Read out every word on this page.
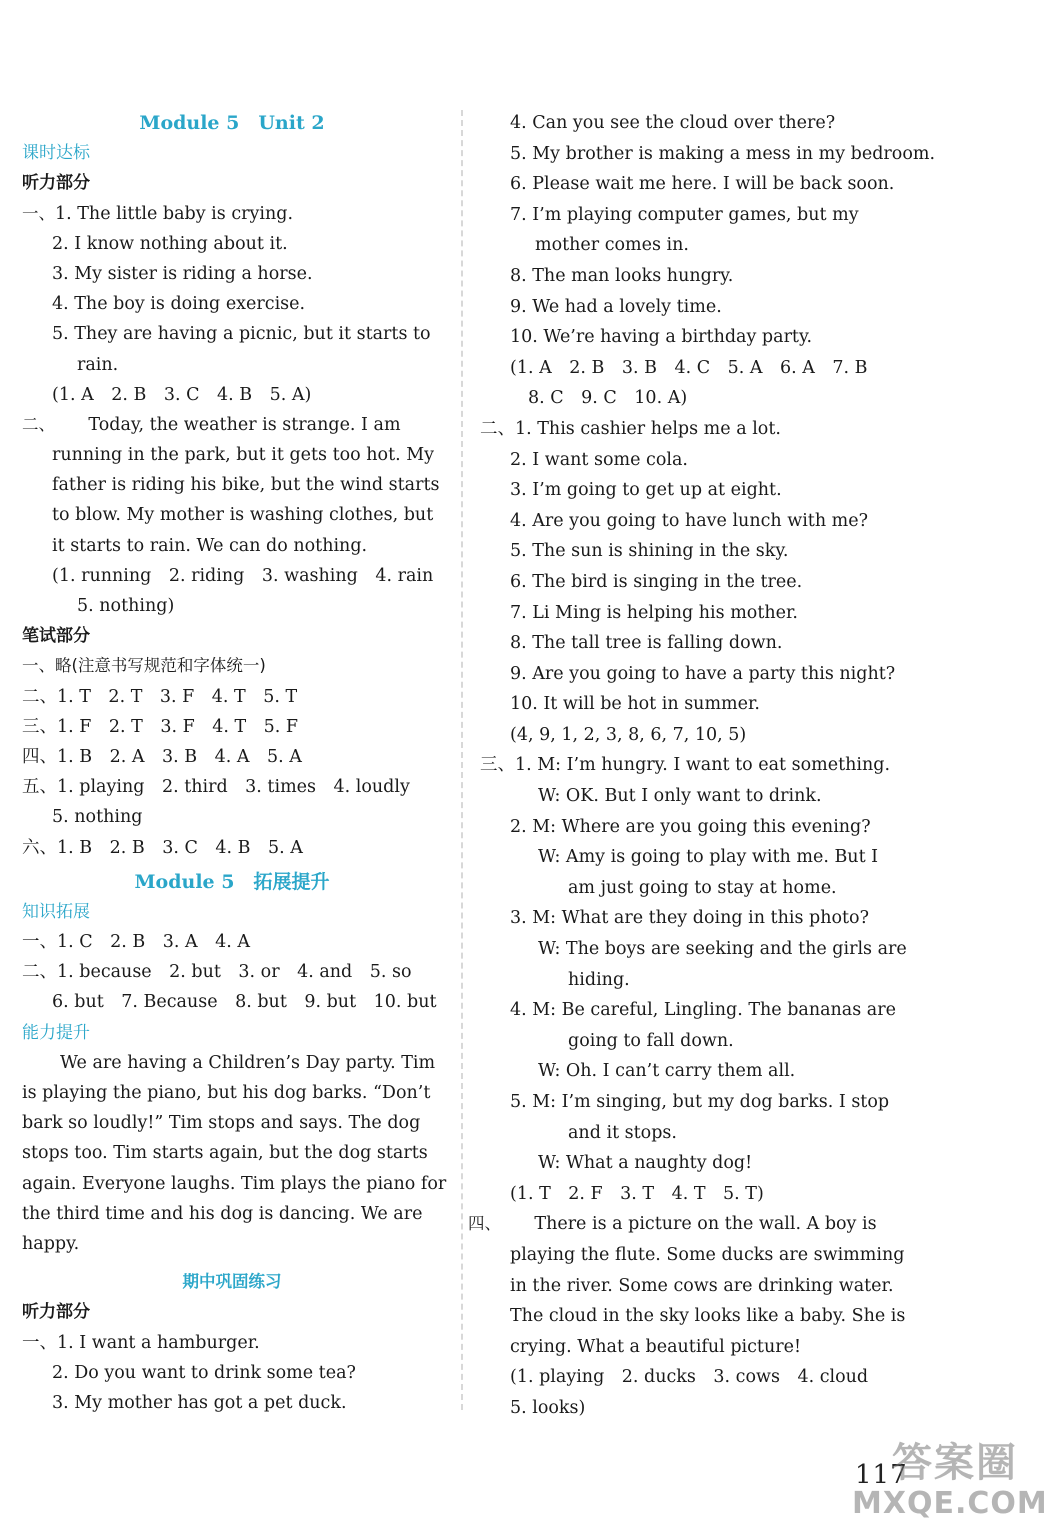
Module 5　Unit 2
课时达标
听力部分
一、1. The little baby is crying.
2. I know nothing about it.
3. My sister is riding a horse.
4. The boy is doing exercise.
5. They are having a picnic, but it starts to
rain.
(1. A　2. B　3. C　4. B　5. A)
二、 Today, the weather is strange. I am
running in the park, but it gets too hot. My
father is riding his bike, but the wind starts
to blow. My mother is washing clothes, but
it starts to rain. We can do nothing.
(1. running　2. riding　3. washing　4. rain
5. nothing)
笔试部分
一、略(注意书写规范和字体统一)
二、1. T　2. T　3. F　4. T　5. T
三、1. F　2. T　3. F　4. T　5. F
四、1. B　2. A　3. B　4. A　5. A
五、1. playing　2. third　3. times　4. loudly
5. nothing
六、1. B　2. B　3. C　4. B　5. A
Module 5　拓展提升
知识拓展
一、1. C　2. B　3. A　4. A
二、1. because　2. but　3. or　4. and　5. so
6. but　7. Because　8. but　9. but　10. but
能力提升
We are having a Children’s Day party. Tim
is playing the piano, but his dog barks. “Don’t
bark so loudly!” Tim stops and says. The dog
stops too. Tim starts again, but the dog starts
again. Everyone laughs. Tim plays the piano for
the third time and his dog is dancing. We are
happy.
期中巩固练习
听力部分
一、1. I want a hamburger.
2. Do you want to drink some tea?
3. My mother has got a pet duck.
4. Can you see the cloud over there?
5. My brother is making a mess in my bedroom.
6. Please wait me here. I will be back soon.
7. I’m playing computer games, but my
mother comes in.
8. The man looks hungry.
9. We had a lovely time.
10. We’re having a birthday party.
(1. A　2. B　3. B　4. C　5. A　6. A　7. B
8. C　9. C　10. A)
二、1. This cashier helps me a lot.
2. I want some cola.
3. I’m going to get up at eight.
4. Are you going to have lunch with me?
5. The sun is shining in the sky.
6. The bird is singing in the tree.
7. Li Ming is helping his mother.
8. The tall tree is falling down.
9. Are you going to have a party this night?
10. It will be hot in summer.
(4, 9, 1, 2, 3, 8, 6, 7, 10, 5)
三、1. M: I’m hungry. I want to eat something.
W: OK. But I only want to drink.
2. M: Where are you going this evening?
W: Amy is going to play with me. But I
am just going to stay at home.
3. M: What are they doing in this photo?
W: The boys are seeking and the girls are
hiding.
4. M: Be careful, Lingling. The bananas are
going to fall down.
W: Oh. I can’t carry them all.
5. M: I’m singing, but my dog barks. I stop
and it stops.
W: What a naughty dog!
(1. T　2. F　3. T　4. T　5. T)
四、 There is a picture on the wall. A boy is
playing the flute. Some ducks are swimming
in the river. Some cows are drinking water.
The cloud in the sky looks like a baby. She is
crying. What a beautiful picture!
(1. playing　2. ducks　3. cows　4. cloud
5. looks)
117
答案圈
MXQE.COM
